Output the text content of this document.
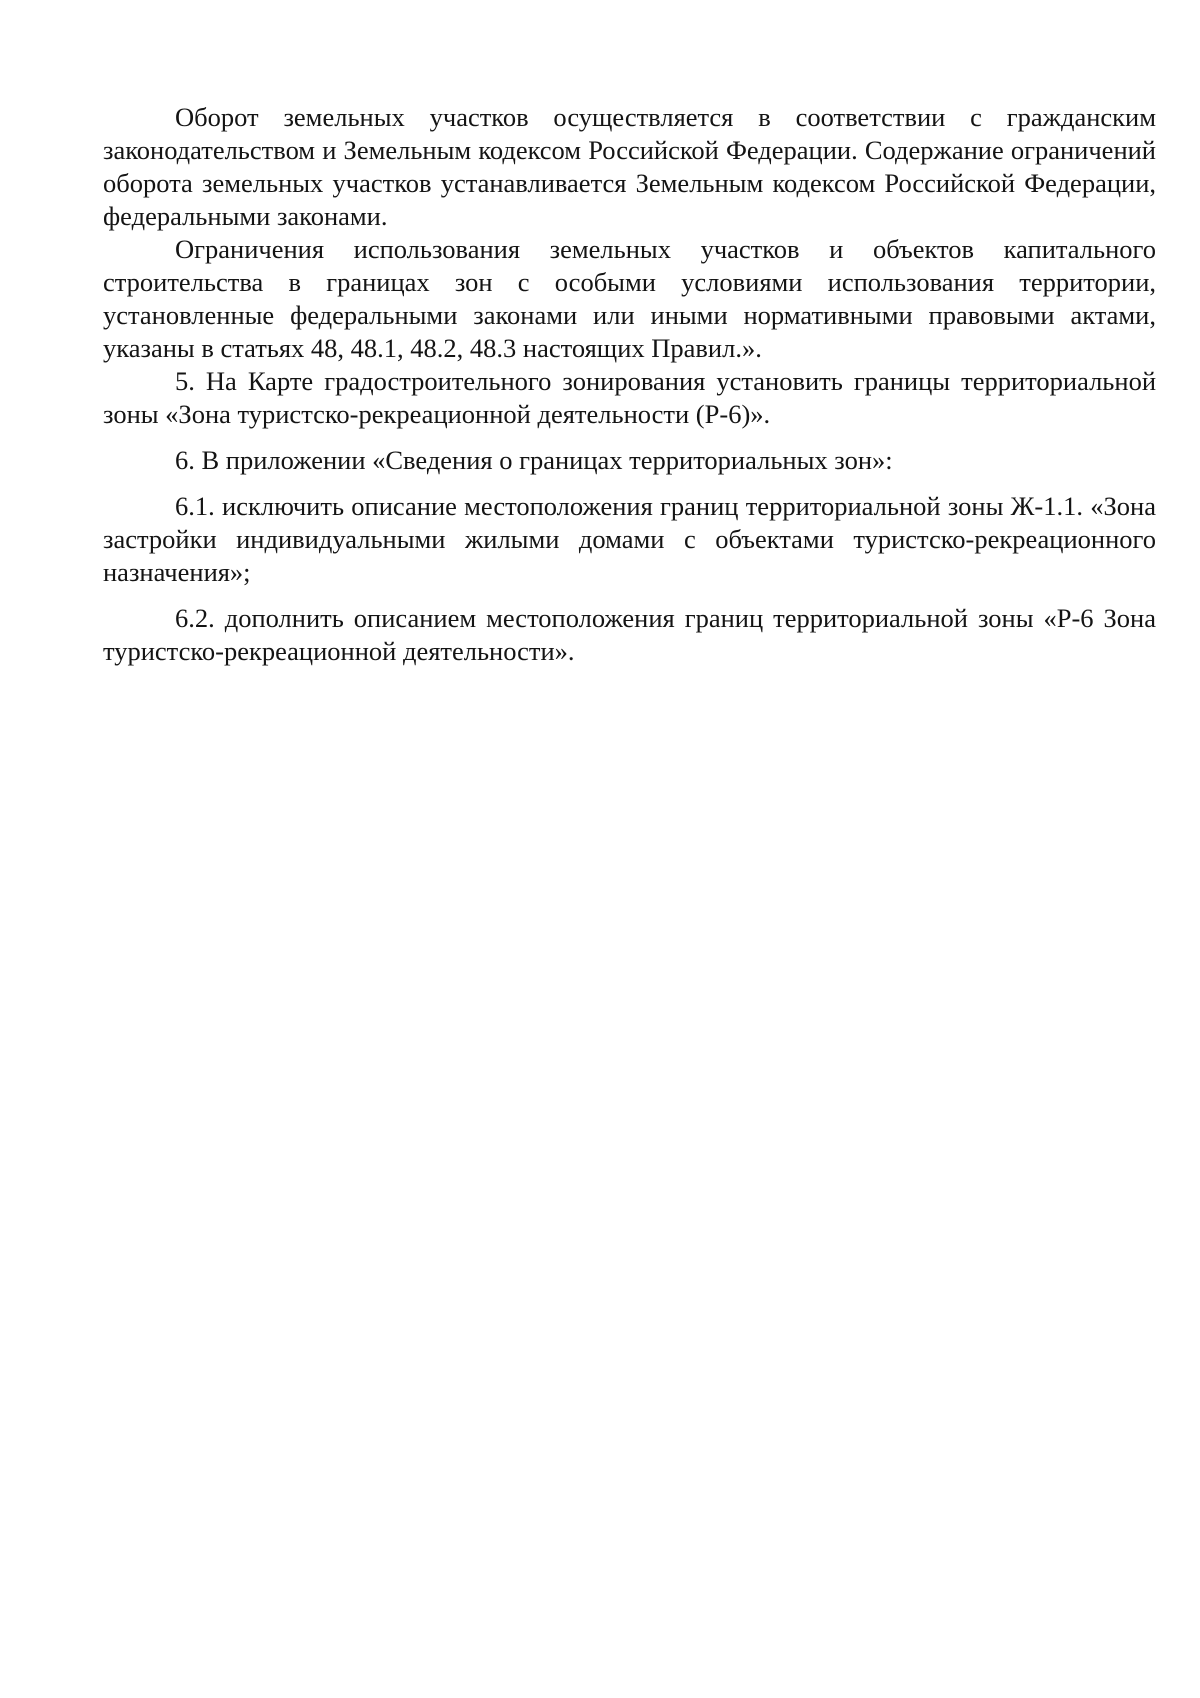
Оборот земельных участков осуществляется в соответствии с гражданским законодательством и Земельным кодексом Российской Федерации. Содержание ограничений оборота земельных участков устанавливается Земельным кодексом Российской Федерации, федеральными законами.

Ограничения использования земельных участков и объектов капитального строительства в границах зон с особыми условиями использования территории, установленные федеральными законами или иными нормативными правовыми актами, указаны в статьях 48, 48.1, 48.2, 48.3 настоящих Правил.».

5. На Карте градостроительного зонирования установить границы территориальной зоны «Зона туристско-рекреационной деятельности (Р-6)».

6. В приложении «Сведения о границах территориальных зон»:

6.1. исключить описание местоположения границ территориальной зоны Ж-1.1. «Зона застройки индивидуальными жилыми домами с объектами туристско-рекреационного назначения»;

6.2. дополнить описанием местоположения границ территориальной зоны «Р-6 Зона туристско-рекреационной деятельности».
